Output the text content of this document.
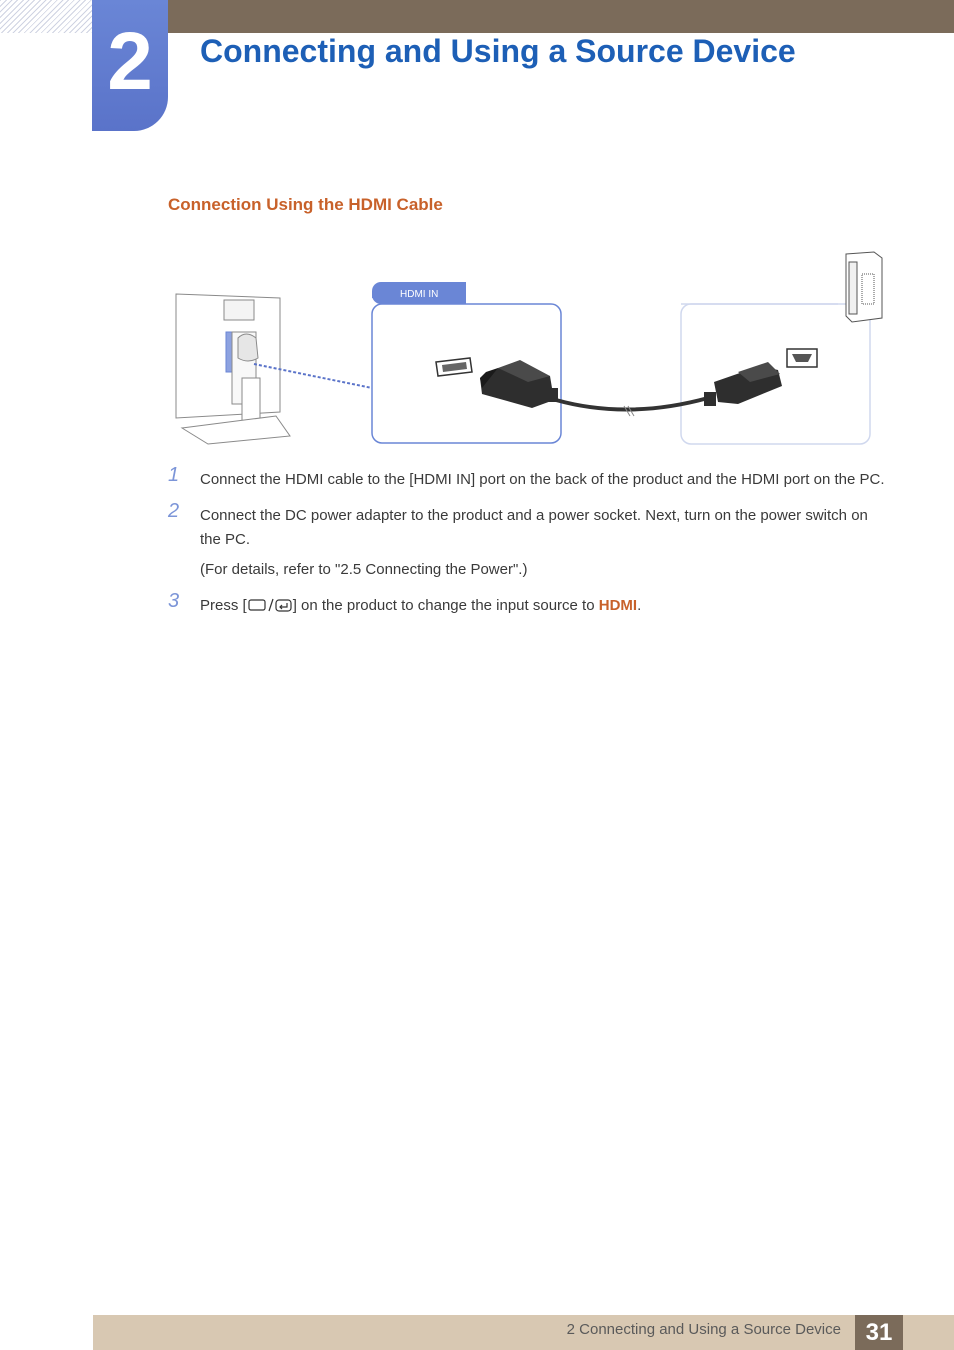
2	Connecting and Using a Source Device
Connection Using the HDMI Cable
HDMI IN
1 Connect the HDMI cable to the [HDMI IN] port on the back of the product and the HDMI port on the PC.

2 Connect the DC power adapter to the product and a power socket. Next, turn on the power switch on the PC.

(For details, refer to "2.5 Connecting the Power".)

3 Press [	] on the product to change the input source to HDMI.

2 Connecting and Using a Source Device	31
